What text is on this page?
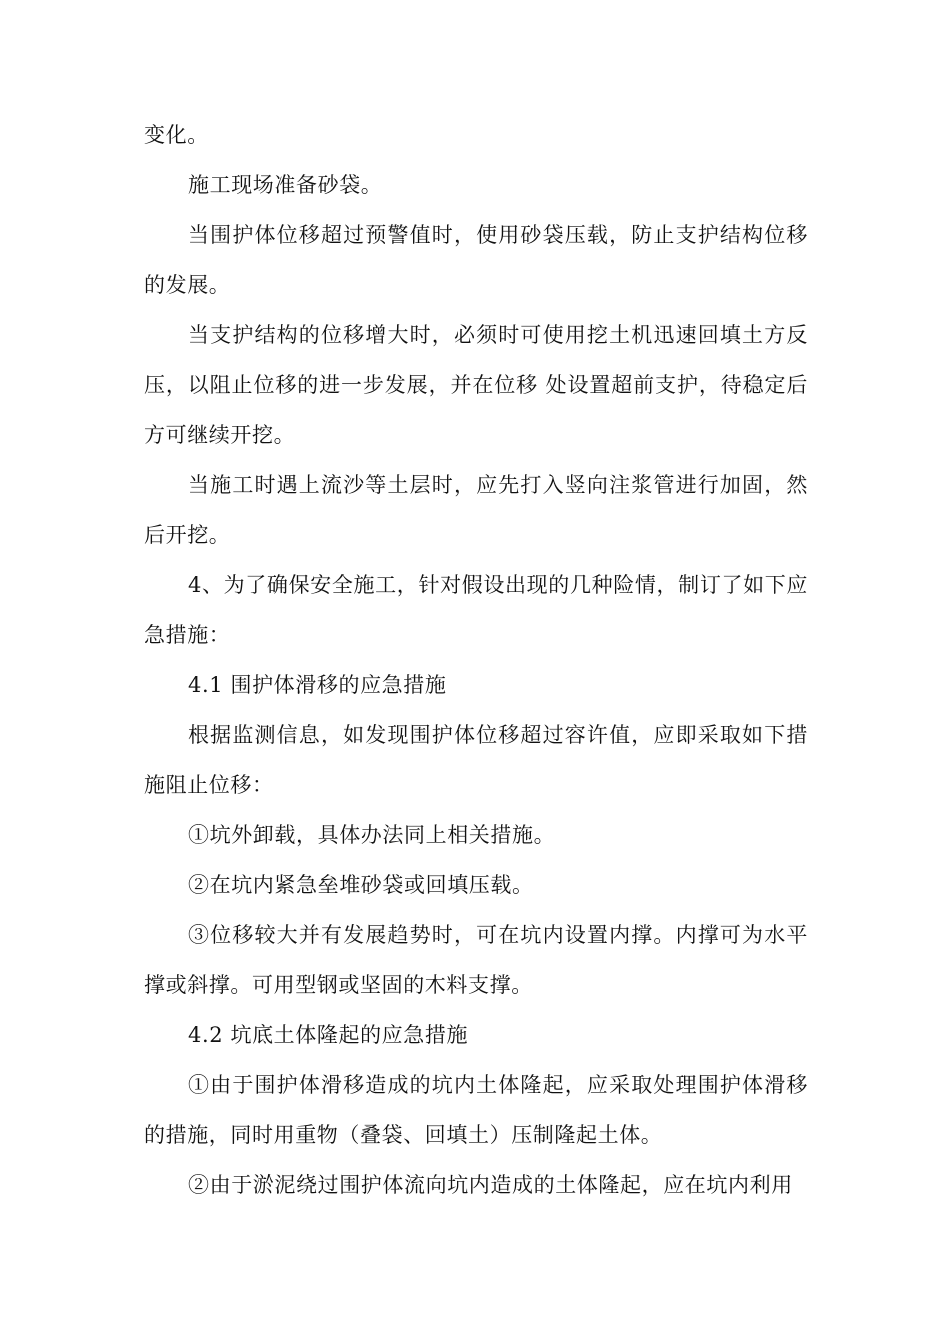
变化。

施工现场准备砂袋。

当围护体位移超过预警值时，使用砂袋压载，防止支护结构位移的发展。

当支护结构的位移增大时，必须时可使用挖土机迅速回填土方反压，以阻止位移的进一步发展，并在位移 处设置超前支护，待稳定后方可继续开挖。

当施工时遇上流沙等土层时，应先打入竖向注浆管进行加固，然后开挖。

4、为了确保安全施工，针对假设出现的几种险情，制订了如下应急措施：

4.1 围护体滑移的应急措施

根据监测信息，如发现围护体位移超过容许值，应即采取如下措施阻止位移：

①坑外卸载，具体办法同上相关措施。

②在坑内紧急垒堆砂袋或回填压载。

③位移较大并有发展趋势时，可在坑内设置内撑。内撑可为水平撑或斜撑。可用型钢或坚固的木料支撑。

4.2 坑底土体隆起的应急措施

①由于围护体滑移造成的坑内土体隆起，应采取处理围护体滑移的措施，同时用重物（叠袋、回填土）压制隆起土体。

②由于淤泥绕过围护体流向坑内造成的土体隆起，应在坑内利用
